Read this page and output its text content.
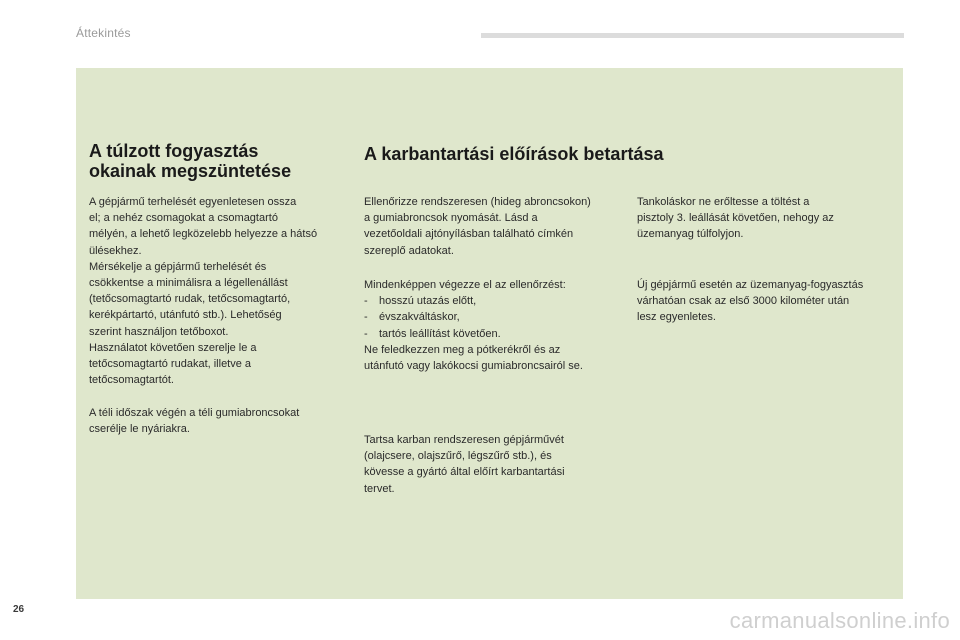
Áttekintés
A túlzott fogyasztás
okainak megszüntetése

A gépjármű terhelését egyenletesen ossza

el; a nehéz csomagokat a csomagtartó

mélyén, a lehető legközelebb helyezze a hátsó

ülésekhez.

Mérsékelje a gépjármű terhelését és

csökkentse a minimálisra a légellenállást

(tetőcsomagtartó rudak, tetőcsomagtartó,

kerékpártartó, utánfutó stb.). Lehetőség

szerint használjon tetőboxot.

Használatot követően szerelje le a

tetőcsomagtartó rudakat, illetve a

tetőcsomagtartót.

A téli időszak végén a téli gumiabroncsokat

cserélje le nyáriakra.

A karbantartási előírások betartása

Ellenőrizze rendszeresen (hideg abroncsokon)

a gumiabroncsok nyomását. Lásd a

vezetőoldali ajtónyílásban található címkén

szereplő adatokat.

Mindenképpen végezze el az ellenőrzést:

- hosszú utazás előtt,
- évszakváltáskor,
- tartós leállítást követően.

Ne feledkezzen meg a pótkerékről és az

utánfutó vagy lakókocsi gumiabroncsairól se.

Tartsa karban rendszeresen gépjárművét

(olajcsere, olajszűrő, légszűrő stb.), és

kövesse a gyártó által előírt karbantartási

tervet.

Tankoláskor ne erőltesse a töltést a

pisztoly 3. leállását követően, nehogy az

üzemanyag túlfolyjon.

Új gépjármű esetén az üzemanyag-fogyasztás

várhatóan csak az első 3000 kilométer után

lesz egyenletes.

26	carmanualsonline.info
